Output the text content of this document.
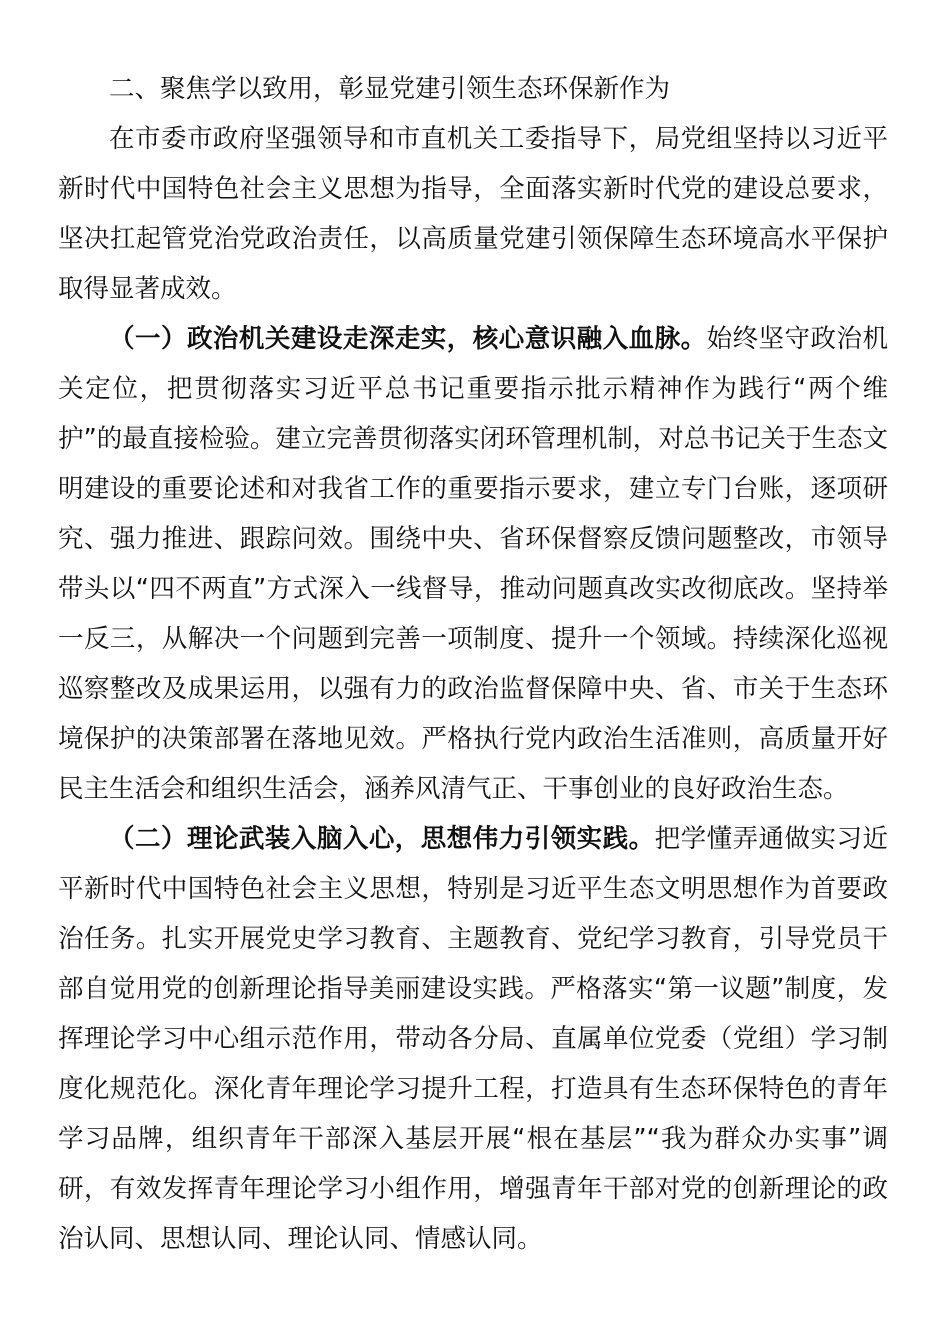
二、聚焦学以致用，彰显党建引领生态环保新作为

在市委市政府坚强领导和市直机关工委指导下，局党组坚持以习近平新时代中国特色社会主义思想为指导，全面落实新时代党的建设总要求，坚决扛起管党治党政治责任，以高质量党建引领保障生态环境高水平保护取得显著成效。

（一）政治机关建设走深走实，核心意识融入血脉。始终坚守政治机关定位，把贯彻落实习近平总书记重要指示批示精神作为践行“两个维护”的最直接检验。建立完善贯彻落实闭环管理机制，对总书记关于生态文明建设的重要论述和对我省工作的重要指示要求，建立专门台账，逐项研究、强力推进、跟踪问效。围绕中央、省环保督察反馈问题整改，市领导带头以“四不两直”方式深入一线督导，推动问题真改实改彻底改。坚持举一反三，从解决一个问题到完善一项制度、提升一个领域。持续深化巡视巡察整改及成果运用，以强有力的政治监督保障中央、省、市关于生态环境保护的决策部署在落地见效。严格执行党内政治生活准则，高质量开好民主生活会和组织生活会，涵养风清气正、干事创业的良好政治生态。

（二）理论武装入脑入心，思想伟力引领实践。把学懂弄通做实习近平新时代中国特色社会主义思想，特别是习近平生态文明思想作为首要政治任务。扎实开展党史学习教育、主题教育、党纪学习教育，引导党员干部自觉用党的创新理论指导美丽建设实践。严格落实“第一议题”制度，发挥理论学习中心组示范作用，带动各分局、直属单位党委（党组）学习制度化规范化。深化青年理论学习提升工程，打造具有生态环保特色的青年学习品牌，组织青年干部深入基层开展“根在基层”“我为群众办实事”调研，有效发挥青年理论学习小组作用，增强青年干部对党的创新理论的政治认同、思想认同、理论认同、情感认同。
